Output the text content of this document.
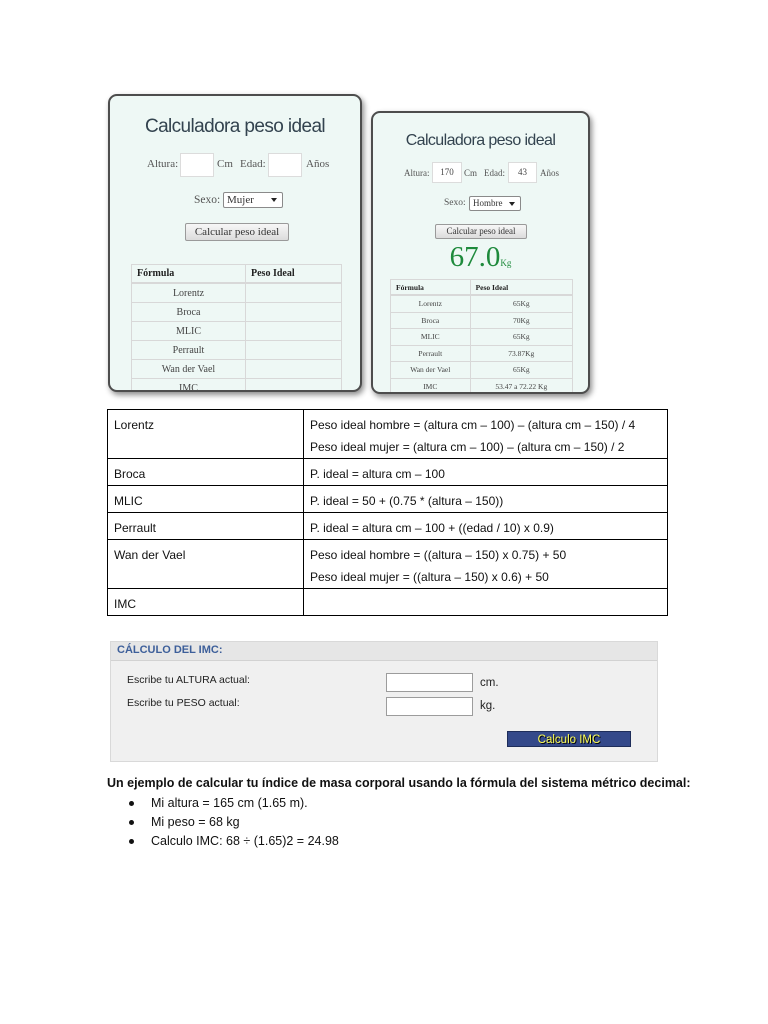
Calculadora peso ideal
Altura:	Cm Edad:	Años
Sexo: Mujer
Calcular peso ideal
Fórmula	Peso Ideal
Lorentz	
Broca	
MLIC	
Perrault	
Wan der Vael	
IMC	
Calculadora peso ideal
Altura:	170	Cm Edad:	43	Años
Sexo: Hombre
Calcular peso ideal
67.0Kg
Fórmula	Peso Ideal
Lorentz	65Kg
Broca	70Kg
MLIC	65Kg
Perrault	73.87Kg
Wan der Vael	65Kg
IMC	53.47 a 72.22 Kg
Lorentz	Peso ideal hombre = (altura cm – 100) – (altura cm – 150) / 4
Peso ideal mujer = (altura cm – 100) – (altura cm – 150) / 2

Broca	P. ideal = altura cm – 100

MLIC	P. ideal = 50 + (0.75 * (altura – 150))

Perrault	P. ideal = altura cm – 100 + ((edad / 10) x 0.9)

Wan der Vael	Peso ideal hombre = ((altura – 150) x 0.75) + 50
Peso ideal mujer = ((altura – 150) x 0.6) + 50

IMC	
CÁLCULO DEL IMC:
Escribe tu ALTURA actual:	cm.
Escribe tu PESO actual:	kg.
Calculo IMC
Un ejemplo de calcular tu índice de masa corporal usando la fórmula del sistema métrico decimal:
Mi altura = 165 cm (1.65 m).
Mi peso = 68 kg
Calculo IMC: 68 ÷ (1.65)2 = 24.98
